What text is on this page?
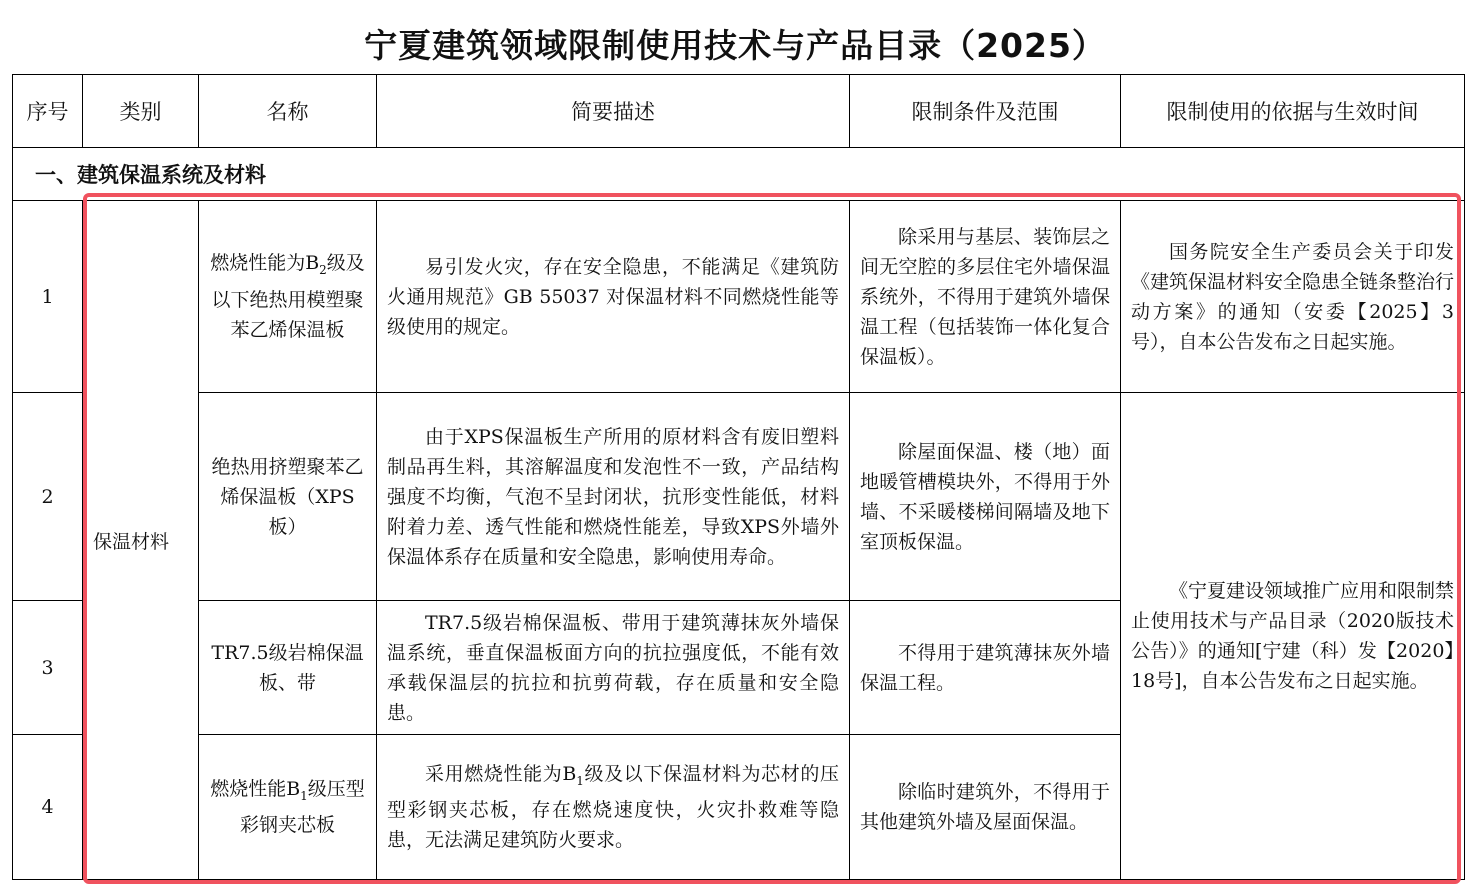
宁夏建筑领域限制使用技术与产品目录（2025）
序号	类别	名称	简要描述	限制条件及范围	限制使用的依据与生效时间
一、建筑保温系统及材料					
1	保温材料	燃烧性能为$B_2$级及以下绝热用模塑聚苯乙烯保温板	易引发火灾，存在安全隐患，不能满足《建筑防火通用规范》GB 55037 对保温材料不同燃烧性能等级使用的规定。	除采用与基层、装饰层之间无空腔的多层住宅外墙保温系统外，不得用于建筑外墙保温工程（包括装饰一体化复合保温板）。	国务院安全生产委员会关于印发《建筑保温材料安全隐患全链条整治行动方案》的通知（安委【2025】3号），自本公告发布之日起实施。
2		绝热用挤塑聚苯乙烯保温板（XPS板）	由于XPS保温板生产所用的原材料含有废旧塑料制品再生料，其溶解温度和发泡性不一致，产品结构强度不均衡，气泡不呈封闭状，抗形变性能低，材料附着力差、透气性能和燃烧性能差，导致XPS外墙外保温体系存在质量和安全隐患，影响使用寿命。	除屋面保温、楼（地）面地暖管槽模块外，不得用于外墙、不采暖楼梯间隔墙及地下室顶板保温。	《宁夏建设领域推广应用和限制禁止使用技术与产品目录（2020版技术公告）》的通知[宁建（科）发【2020】18号]，自本公告发布之日起实施。
3		TR7.5级岩棉保温板、带	TR7.5级岩棉保温板、带用于建筑薄抹灰外墙保温系统，垂直保温板面方向的抗拉强度低，不能有效承载保温层的抗拉和抗剪荷载，存在质量和安全隐患。	不得用于建筑薄抹灰外墙保温工程。	
4		燃烧性能$B_1$级压型彩钢夹芯板	采用燃烧性能为$B_1$级及以下保温材料为芯材的压型彩钢夹芯板，存在燃烧速度快，火灾扑救难等隐患，无法满足建筑防火要求。	除临时建筑外，不得用于其他建筑外墙及屋面保温。	
